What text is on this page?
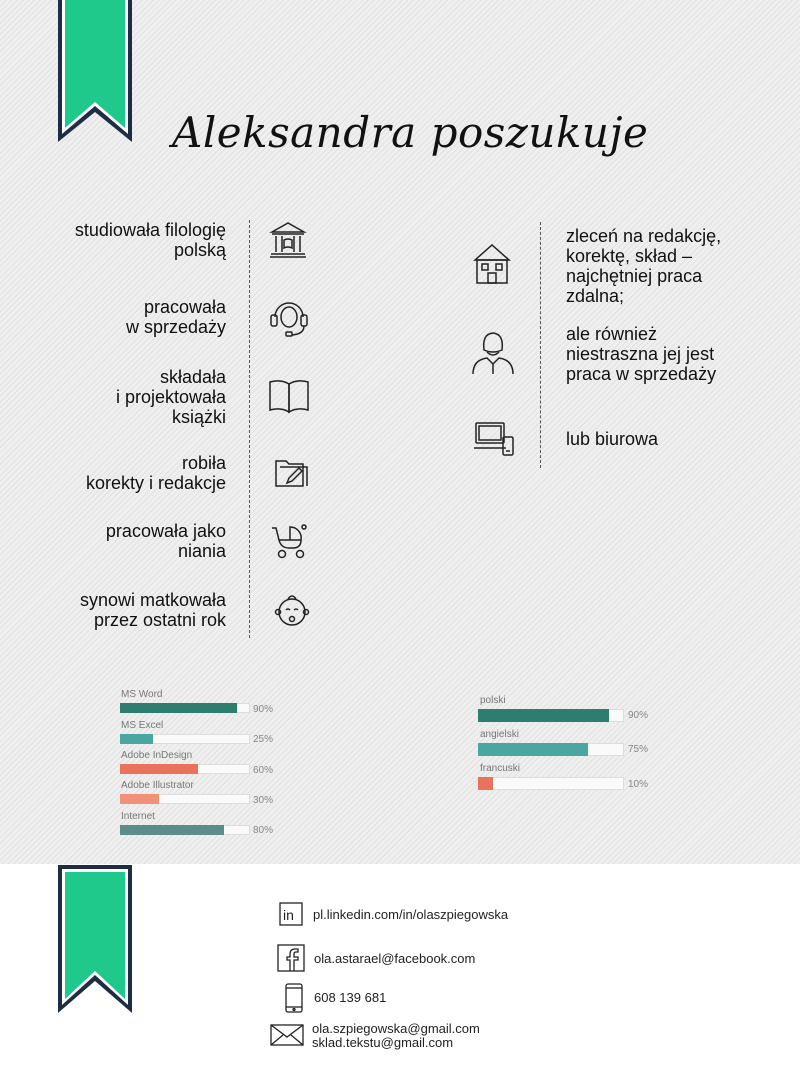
Aleksandra poszukuje
studiowała filologię
polską
pracowała
w sprzedaży
składała
i projektowała
książki
robiła
korekty i redakcje
pracowała jako
niania
synowi matkowała
przez ostatni rok
zleceń na redakcję,
korektę, skład –
najchętniej praca
zdalna;
ale również
niestraszna jej jest
praca w sprzedaży
lub biurowa
MS Word
90%
MS Excel
25%
Adobe InDesign
60%
Adobe Illustrator
30%
Internet
80%
polski
90%
angielski
75%
francuski
10%
in pl.linkedin.com/in/olaszpiegowska
ola.astarael@facebook.com
608 139 681
ola.szpiegowska@gmail.com
sklad.tekstu@gmail.com
